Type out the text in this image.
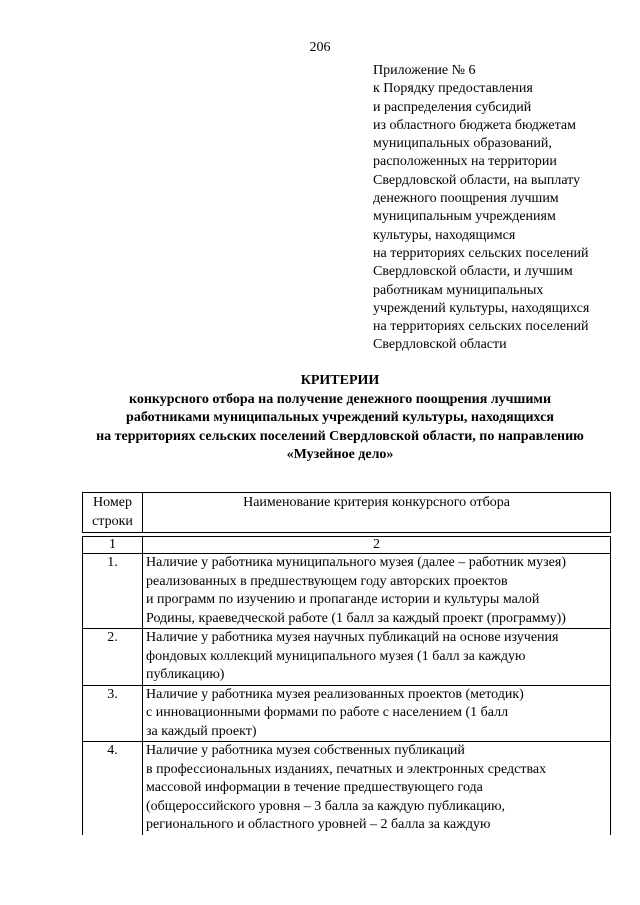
206
Приложение № 6
к Порядку предоставления
и распределения субсидий
из областного бюджета бюджетам
муниципальных образований,
расположенных на территории
Свердловской области, на выплату
денежного поощрения лучшим
муниципальным учреждениям
культуры, находящимся
на территориях сельских поселений
Свердловской области, и лучшим
работникам муниципальных
учреждений культуры, находящихся
на территориях сельских поселений
Свердловской области
КРИТЕРИИ
конкурсного отбора на получение денежного поощрения лучшими
работниками муниципальных учреждений культуры, находящихся
на территориях сельских поселений Свердловской области, по направлению
«Музейное дело»
Номер
строки	Наименование критерия конкурсного отбора

1	2
1.	Наличие у работника муниципального музея (далее – работник музея)
реализованных в предшествующем году авторских проектов
и программ по изучению и пропаганде истории и культуры малой
Родины, краеведческой работе (1 балл за каждый проект (программу))

2.	Наличие у работника музея научных публикаций на основе изучения
фондовых коллекций муниципального музея (1 балл за каждую
публикацию)

3.	Наличие у работника музея реализованных проектов (методик)
с инновационными формами по работе с населением (1 балл
за каждый проект)

4.	Наличие у работника музея собственных публикаций
в профессиональных изданиях, печатных и электронных средствах
массовой информации в течение предшествующего года
(общероссийского уровня – 3 балла за каждую публикацию,
регионального и областного уровней – 2 балла за каждую
